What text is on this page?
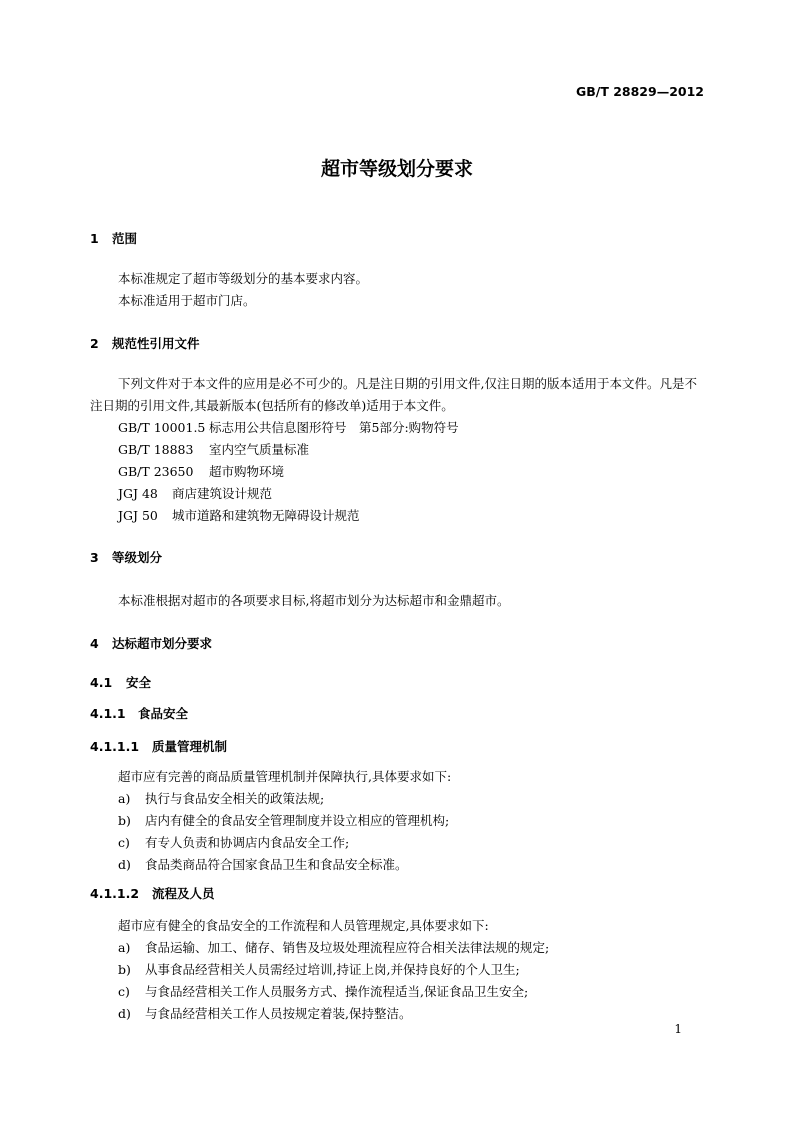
GB/T 28829—2012
超市等级划分要求
1 范围
本标准规定了超市等级划分的基本要求内容。
本标准适用于超市门店。
2 规范性引用文件
下列文件对于本文件的应用是必不可少的。凡是注日期的引用文件,仅注日期的版本适用于本文件。凡是不注日期的引用文件,其最新版本(包括所有的修改单)适用于本文件。
GB/T 10001.5 标志用公共信息图形符号　第5部分:购物符号
GB/T 18883 室内空气质量标准
GB/T 23650 超市购物环境
JGJ 48 商店建筑设计规范
JGJ 50 城市道路和建筑物无障碍设计规范
3 等级划分
本标准根据对超市的各项要求目标,将超市划分为达标超市和金鼎超市。
4 达标超市划分要求
4.1 安全
4.1.1 食品安全
4.1.1.1 质量管理机制
超市应有完善的商品质量管理机制并保障执行,具体要求如下:
a) 执行与食品安全相关的政策法规;
b) 店内有健全的食品安全管理制度并设立相应的管理机构;
c) 有专人负责和协调店内食品安全工作;
d) 食品类商品符合国家食品卫生和食品安全标准。
4.1.1.2 流程及人员
超市应有健全的食品安全的工作流程和人员管理规定,具体要求如下:
a) 食品运输、加工、储存、销售及垃圾处理流程应符合相关法律法规的规定;
b) 从事食品经营相关人员需经过培训,持证上岗,并保持良好的个人卫生;
c) 与食品经营相关工作人员服务方式、操作流程适当,保证食品卫生安全;
d) 与食品经营相关工作人员按规定着装,保持整洁。
1
